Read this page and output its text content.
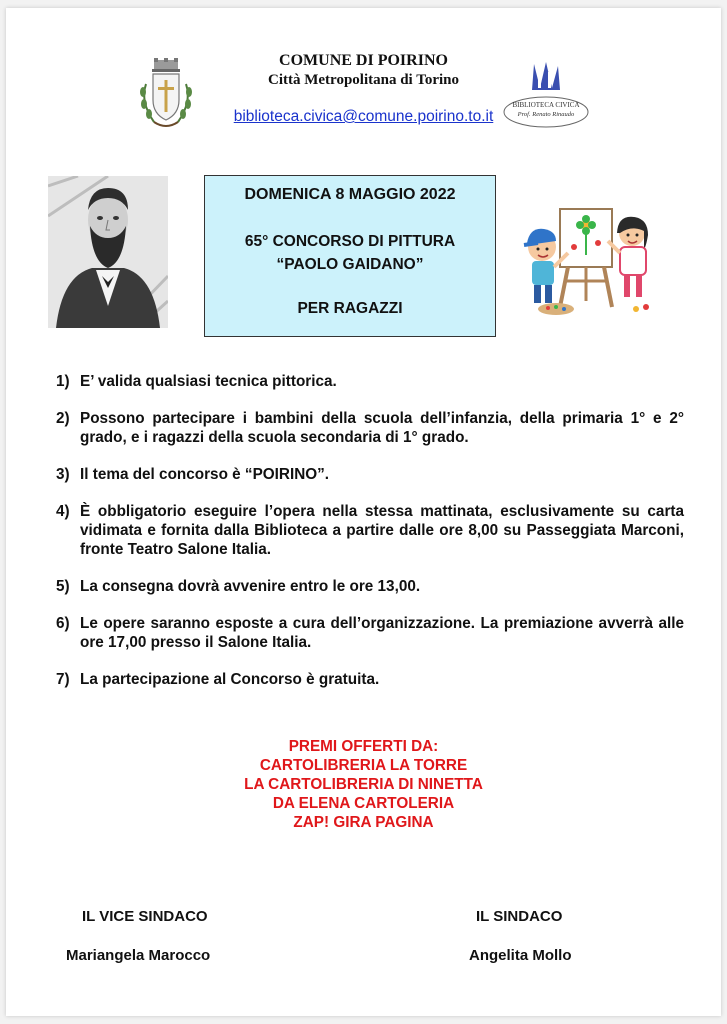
COMUNE DI POIRINO
Città Metropolitana di Torino
biblioteca.civica@comune.poirino.to.it
BIBLIOTECA CIVICA
Prof. Renato Rinaudo
DOMENICA 8 MAGGIO 2022
65° CONCORSO DI PITTURA
“PAOLO GAIDANO”
PER RAGAZZI
1) E’ valida qualsiasi tecnica pittorica.
2) Possono partecipare i bambini della scuola dell’infanzia, della primaria 1° e 2° grado, e i ragazzi della scuola secondaria di 1° grado.
3) Il tema del concorso è “POIRINO”.
4) È obbligatorio eseguire l’opera nella stessa mattinata, esclusivamente su carta vidimata e fornita dalla Biblioteca a partire dalle ore 8,00 su Passeggiata Marconi, fronte Teatro Salone Italia.
5) La consegna dovrà avvenire entro le ore 13,00.
6) Le opere saranno esposte a cura dell’organizzazione. La premiazione avverrà alle ore 17,00 presso il Salone Italia.
7) La partecipazione al Concorso è gratuita.
PREMI OFFERTI DA:
CARTOLIBRERIA LA TORRE
LA CARTOLIBRERIA DI NINETTA
DA ELENA CARTOLERIA
ZAP! GIRA PAGINA
IL VICE SINDACO
Mariangela Marocco
IL SINDACO
Angelita Mollo
